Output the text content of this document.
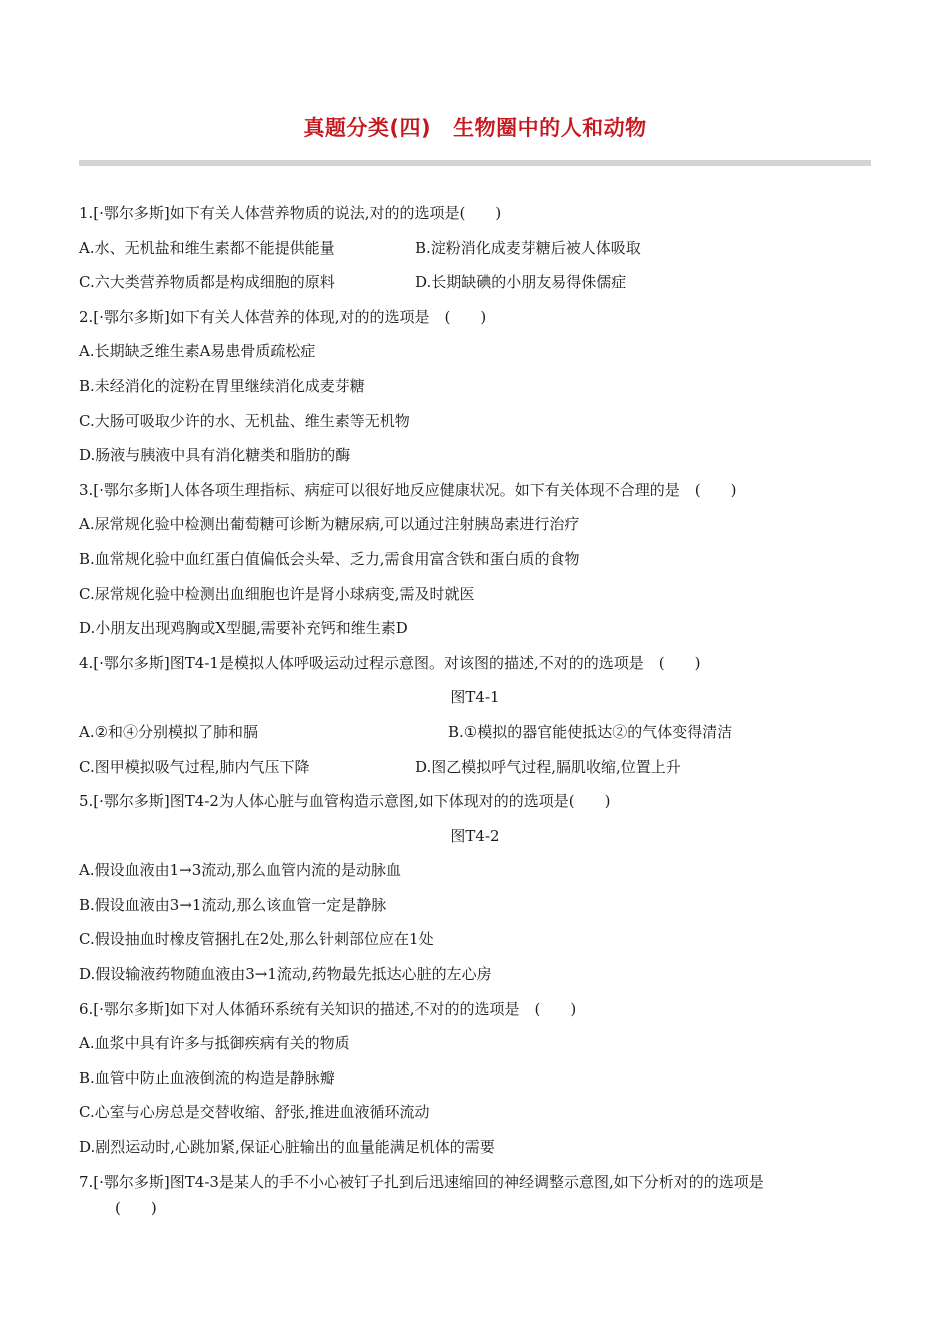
真题分类(四) 生物圈中的人和动物
1.[·鄂尔多斯]如下有关人体营养物质的说法,对的的选项是(　　)
A.水、无机盐和维生素都不能提供能量	B.淀粉消化成麦芽糖后被人体吸取
C.六大类营养物质都是构成细胞的原料	D.长期缺碘的小朋友易得侏儒症
2.[·鄂尔多斯]如下有关人体营养的体现,对的的选项是　(　　)
A.长期缺乏维生素A易患骨质疏松症
B.未经消化的淀粉在胃里继续消化成麦芽糖
C.大肠可吸取少许的水、无机盐、维生素等无机物
D.肠液与胰液中具有消化糖类和脂肪的酶
3.[·鄂尔多斯]人体各项生理指标、病症可以很好地反应健康状况。如下有关体现不合理的是　(　　)
A.尿常规化验中检测出葡萄糖可诊断为糖尿病,可以通过注射胰岛素进行治疗
B.血常规化验中血红蛋白值偏低会头晕、乏力,需食用富含铁和蛋白质的食物
C.尿常规化验中检测出血细胞也许是肾小球病变,需及时就医
D.小朋友出现鸡胸或X型腿,需要补充钙和维生素D
4.[·鄂尔多斯]图T4-1是模拟人体呼吸运动过程示意图。对该图的描述,不对的的选项是　(　　)
图T4-1
A.②和④分别模拟了肺和膈	B.①模拟的器官能使抵达②的气体变得清洁
C.图甲模拟吸气过程,肺内气压下降	D.图乙模拟呼气过程,膈肌收缩,位置上升
5.[·鄂尔多斯]图T4-2为人体心脏与血管构造示意图,如下体现对的的选项是(　　)
图T4-2
A.假设血液由1→3流动,那么血管内流的是动脉血
B.假设血液由3→1流动,那么该血管一定是静脉
C.假设抽血时橡皮管捆扎在2处,那么针刺部位应在1处
D.假设输液药物随血液由3→1流动,药物最先抵达心脏的左心房
6.[·鄂尔多斯]如下对人体循环系统有关知识的描述,不对的的选项是　(　　)
A.血浆中具有许多与抵御疾病有关的物质
B.血管中防止血液倒流的构造是静脉瓣
C.心室与心房总是交替收缩、舒张,推进血液循环流动
D.剧烈运动时,心跳加紧,保证心脏输出的血量能满足机体的需要
7.[·鄂尔多斯]图T4-3是某人的手不小心被钉子扎到后迅速缩回的神经调整示意图,如下分析对的的选项是
(　　)
